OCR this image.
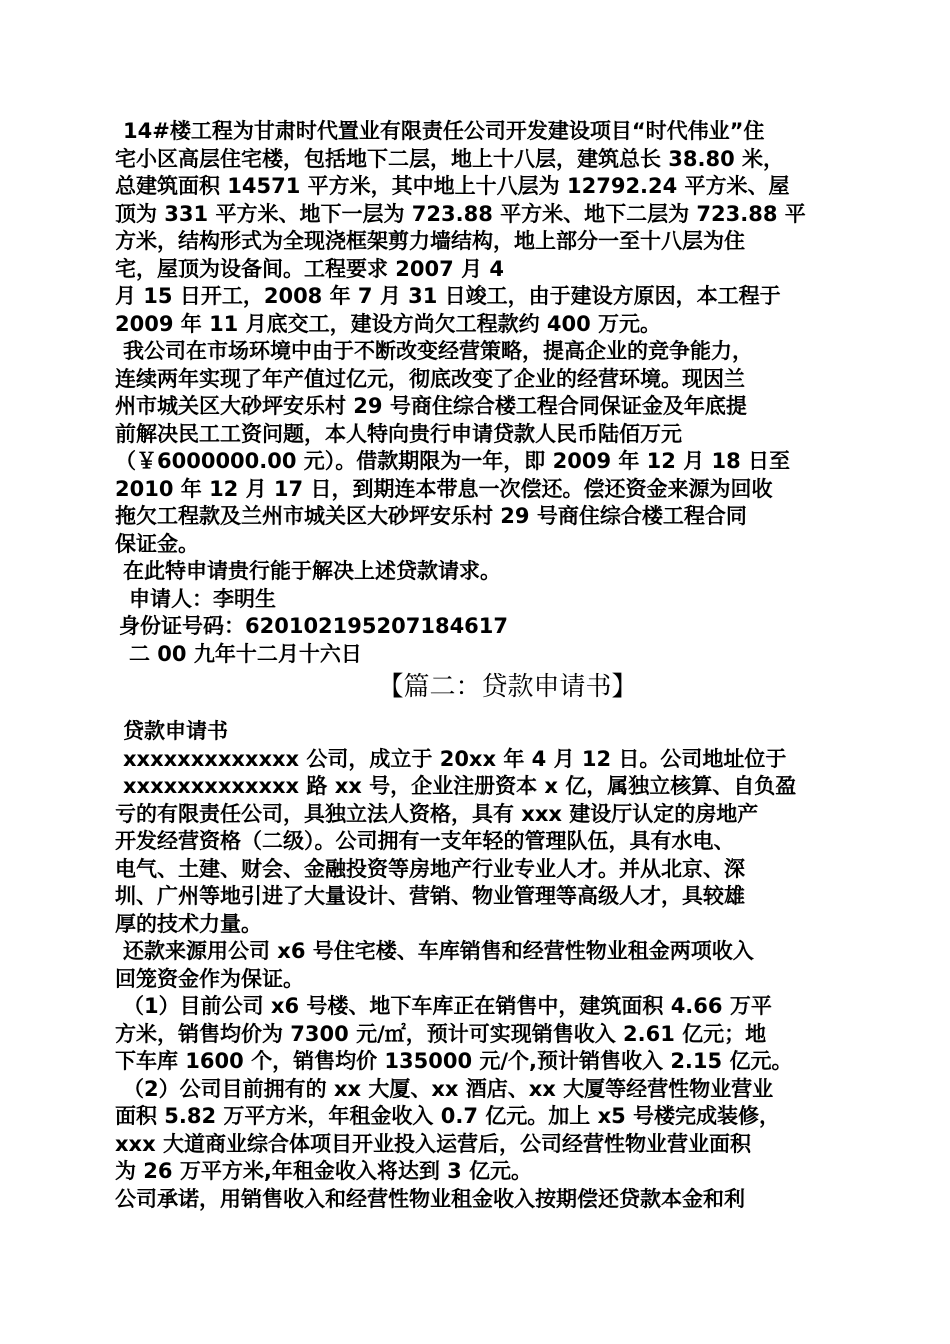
14#楼工程为甘肃时代置业有限责任公司开发建设项目“时代伟业”住

宅小区高层住宅楼，包括地下二层，地上十八层，建筑总长 38.80 米，

总建筑面积 14571 平方米，其中地上十八层为 12792.24 平方米、屋

顶为 331 平方米、地下一层为 723.88 平方米、地下二层为 723.88 平

方米，结构形式为全现浇框架剪力墙结构，地上部分一至十八层为住

宅，屋顶为设备间。工程要求 2007 月 4

月 15 日开工，2008 年 7 月 31 日竣工，由于建设方原因，本工程于

2009 年 11 月底交工，建设方尚欠工程款约 400 万元。

我公司在市场环境中由于不断改变经营策略，提高企业的竞争能力，

连续两年实现了年产值过亿元，彻底改变了企业的经营环境。现因兰

州市城关区大砂坪安乐村 29 号商住综合楼工程合同保证金及年底提

前解决民工工资问题，本人特向贵行申请贷款人民币陆佰万元

（￥6000000.00 元）。借款期限为一年，即 2009 年 12 月 18 日至

2010 年 12 月 17 日，到期连本带息一次偿还。偿还资金来源为回收

拖欠工程款及兰州市城关区大砂坪安乐村 29 号商住综合楼工程合同

保证金。

在此特申请贵行能于解决上述贷款请求。

申请人：李明生

身份证号码：620102195207184617

二 00 九年十二月十六日

【篇二：贷款申请书】

贷款申请书

xxxxxxxxxxxxx 公司，成立于 20xx 年 4 月 12 日。公司地址位于

xxxxxxxxxxxxx 路 xx 号，企业注册资本 x 亿，属独立核算、自负盈

亏的有限责任公司，具独立法人资格，具有 xxx 建设厅认定的房地产

开发经营资格（二级）。公司拥有一支年轻的管理队伍，具有水电、

电气、土建、财会、金融投资等房地产行业专业人才。并从北京、深

圳、广州等地引进了大量设计、营销、物业管理等高级人才，具较雄

厚的技术力量。

还款来源用公司 x6 号住宅楼、车库销售和经营性物业租金两项收入

回笼资金作为保证。

（1）目前公司 x6 号楼、地下车库正在销售中，建筑面积 4.66 万平

方米，销售均价为 7300 元/㎡，预计可实现销售收入 2.61 亿元；地

下车库 1600 个，销售均价 135000 元/个,预计销售收入 2.15 亿元。

（2）公司目前拥有的 xx 大厦、xx 酒店、xx 大厦等经营性物业营业

面积 5.82 万平方米，年租金收入 0.7 亿元。加上 x5 号楼完成装修，

xxx 大道商业综合体项目开业投入运营后，公司经营性物业营业面积

为 26 万平方米,年租金收入将达到 3 亿元。

公司承诺，用销售收入和经营性物业租金收入按期偿还贷款本金和利
